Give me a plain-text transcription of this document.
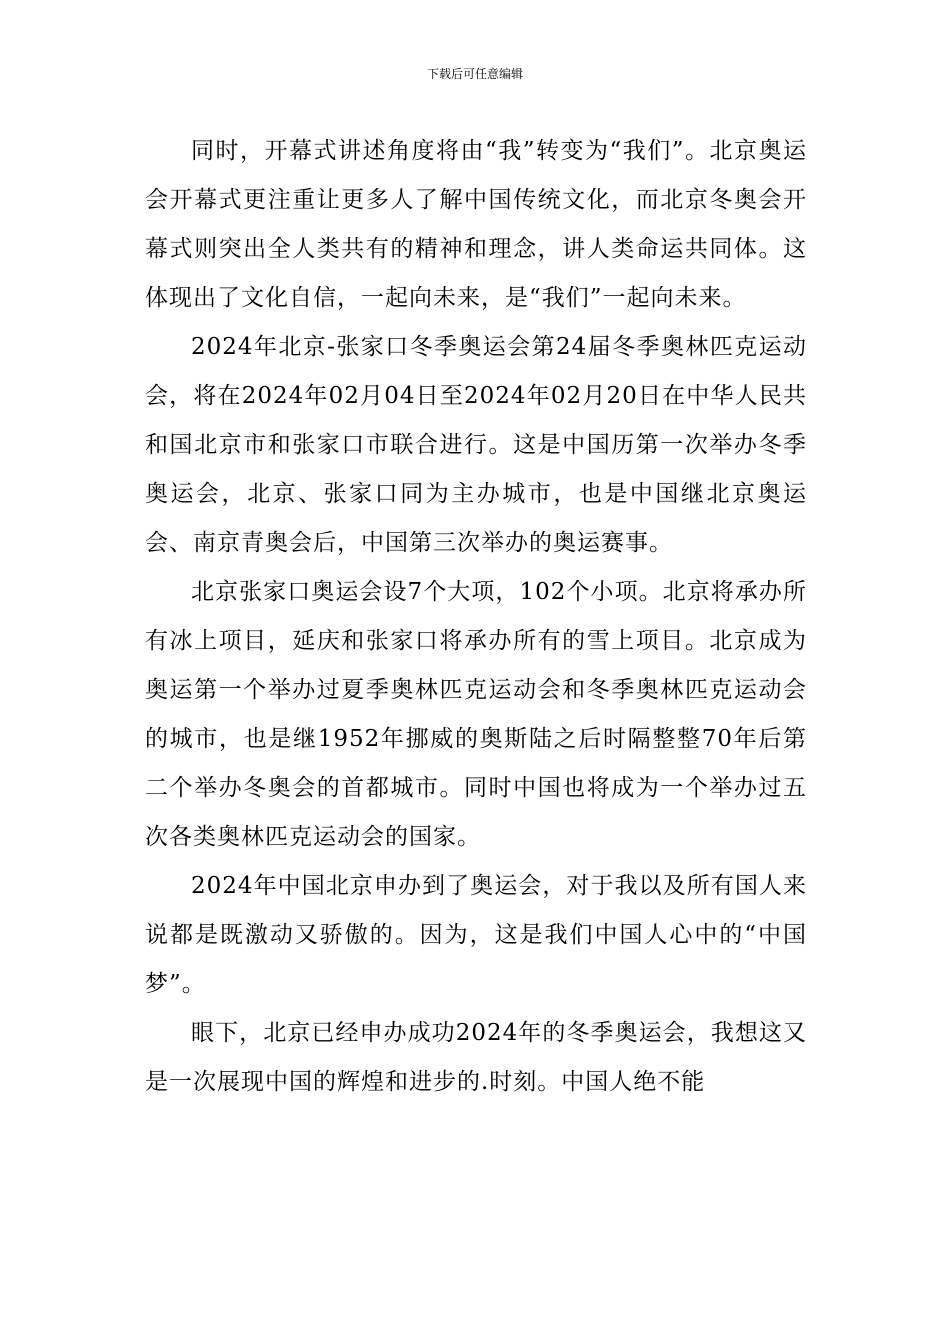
下载后可任意编辑

同时，开幕式讲述角度将由“我”转变为“我们”。北京奥运会开幕式更注重让更多人了解中国传统文化，而北京冬奥会开幕式则突出全人类共有的精神和理念，讲人类命运共同体。这体现出了文化自信，一起向未来，是“我们”一起向未来。

2024年北京-张家口冬季奥运会第24届冬季奥林匹克运动会，将在2024年02月04日至2024年02月20日在中华人民共和国北京市和张家口市联合进行。这是中国历第一次举办冬季奥运会，北京、张家口同为主办城市，也是中国继北京奥运会、南京青奥会后，中国第三次举办的奥运赛事。

北京张家口奥运会设7个大项，102个小项。北京将承办所有冰上项目，延庆和张家口将承办所有的雪上项目。北京成为奥运第一个举办过夏季奥林匹克运动会和冬季奥林匹克运动会的城市，也是继1952年挪威的奥斯陆之后时隔整整70年后第二个举办冬奥会的首都城市。同时中国也将成为一个举办过五次各类奥林匹克运动会的国家。

2024年中国北京申办到了奥运会，对于我以及所有国人来说都是既激动又骄傲的。因为，这是我们中国人心中的“中国梦”。

眼下，北京已经申办成功2024年的冬季奥运会，我想这又是一次展现中国的辉煌和进步的.时刻。中国人绝不能
